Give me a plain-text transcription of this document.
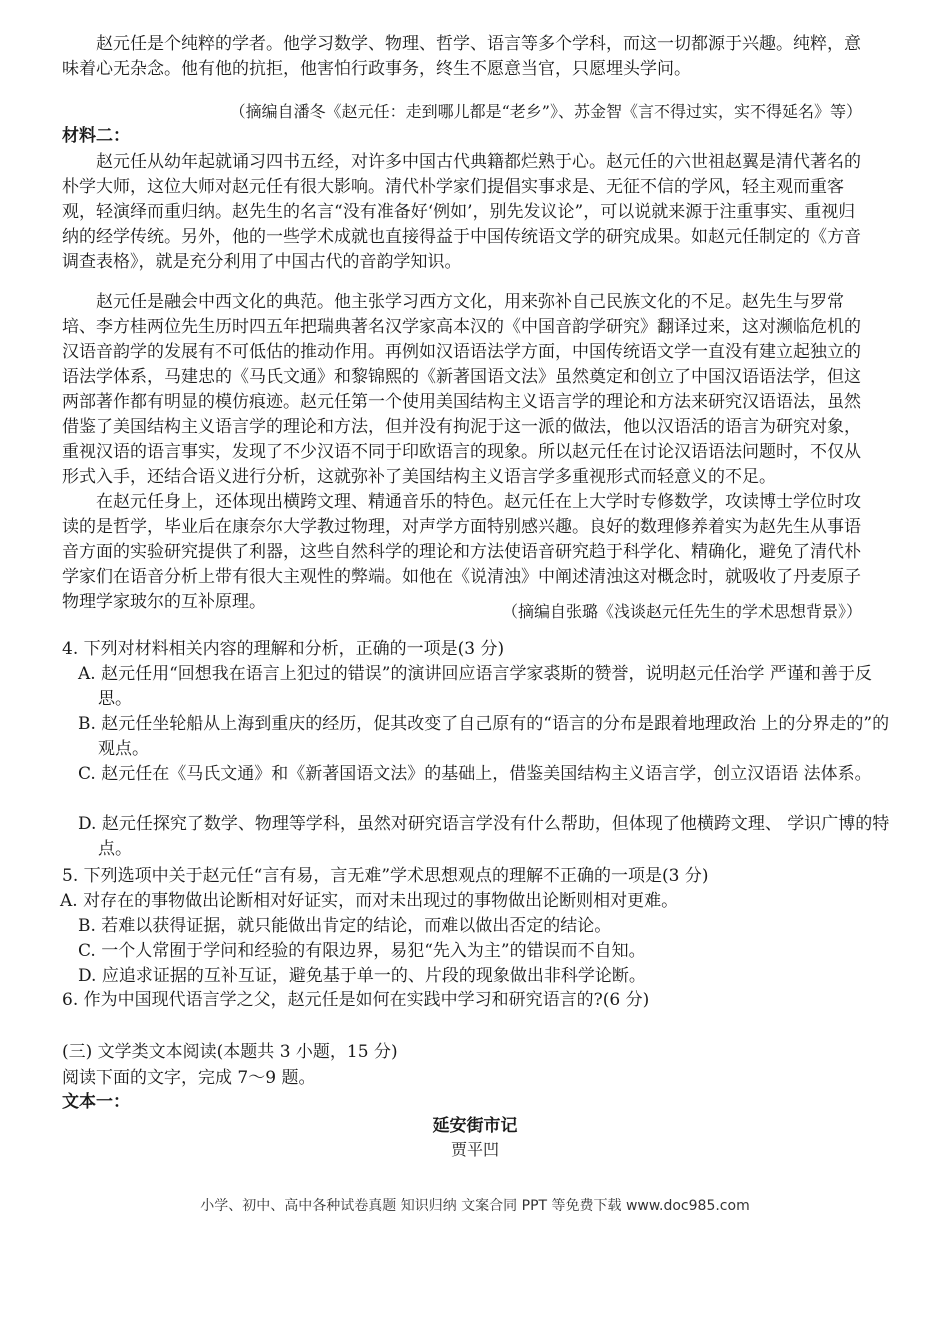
赵元任是个纯粹的学者。他学习数学、物理、哲学、语言等多个学科，而这一切都源于兴趣。纯粹，意味着心无杂念。他有他的抗拒，他害怕行政事务，终生不愿意当官，只愿埋头学问。

（摘编自潘冬《赵元任：走到哪儿都是“老乡”》、苏金智《言不得过实，实不得延名》等）

材料二：

赵元任从幼年起就诵习四书五经，对许多中国古代典籍都烂熟于心。赵元任的六世祖赵翼是清代著名的朴学大师，这位大师对赵元任有很大影响。清代朴学家们提倡实事求是、无征不信的学风，轻主观而重客观，轻演绎而重归纳。赵先生的名言“没有准备好‘例如’，别先发议论”，可以说就来源于注重事实、重视归纳的经学传统。另外，他的一些学术成就也直接得益于中国传统语文学的研究成果。如赵元任制定的《方音调查表格》，就是充分利用了中国古代的音韵学知识。

赵元任是融会中西文化的典范。他主张学习西方文化，用来弥补自己民族文化的不足。赵先生与罗常培、李方桂两位先生历时四五年把瑞典著名汉学家高本汉的《中国音韵学研究》翻译过来，这对濒临危机的汉语音韵学的发展有不可低估的推动作用。再例如汉语语法学方面，中国传统语文学一直没有建立起独立的语法学体系，马建忠的《马氏文通》和黎锦熙的《新著国语文法》虽然奠定和创立了中国汉语语法学，但这两部著作都有明显的模仿痕迹。赵元任第一个使用美国结构主义语言学的理论和方法来研究汉语语法，虽然借鉴了美国结构主义语言学的理论和方法，但并没有拘泥于这一派的做法，他以汉语活的语言为研究对象，重视汉语的语言事实，发现了不少汉语不同于印欧语言的现象。所以赵元任在讨论汉语语法问题时，不仅从形式入手，还结合语义进行分析，这就弥补了美国结构主义语言学多重视形式而轻意义的不足。

在赵元任身上，还体现出横跨文理、精通音乐的特色。赵元任在上大学时专修数学，攻读博士学位时攻读的是哲学，毕业后在康奈尔大学教过物理，对声学方面特别感兴趣。良好的数理修养着实为赵先生从事语音方面的实验研究提供了利器，这些自然科学的理论和方法使语音研究趋于科学化、精确化，避免了清代朴学家们在语音分析上带有很大主观性的弊端。如他在《说清浊》中阐述清浊这对概念时，就吸收了丹麦原子物理学家玻尔的互补原理。	（摘编自张璐《浅谈赵元任先生的学术思想背景》）

4. 下列对材料相关内容的理解和分析，正确的一项是(3 分)

A. 赵元任用“回想我在语言上犯过的错误”的演讲回应语言学家裘斯的赞誉，说明赵元任治学 严谨和善于反思。

B. 赵元任坐轮船从上海到重庆的经历，促其改变了自己原有的“语言的分布是跟着地理政治 上的分界走的”的观点。

C. 赵元任在《马氏文通》和《新著国语文法》的基础上，借鉴美国结构主义语言学，创立汉语语 法体系。

D. 赵元任探究了数学、物理等学科，虽然对研究语言学没有什么帮助，但体现了他横跨文理、 学识广博的特点。

5. 下列选项中关于赵元任“言有易，言无难”学术思想观点的理解不正确的一项是(3 分)

A. 对存在的事物做出论断相对好证实，而对未出现过的事物做出论断则相对更难。

B. 若难以获得证据，就只能做出肯定的结论，而难以做出否定的结论。

C. 一个人常囿于学问和经验的有限边界，易犯“先入为主”的错误而不自知。

D. 应追求证据的互补互证，避免基于单一的、片段的现象做出非科学论断。

6. 作为中国现代语言学之父，赵元任是如何在实践中学习和研究语言的?(6 分)

(三) 文学类文本阅读(本题共 3 小题，15 分)

阅读下面的文字，完成 7～9 题。

文本一：

延安街市记

贾平凹

小学、初中、高中各种试卷真题 知识归纳 文案合同 PPT 等免费下载 www.doc985.com
